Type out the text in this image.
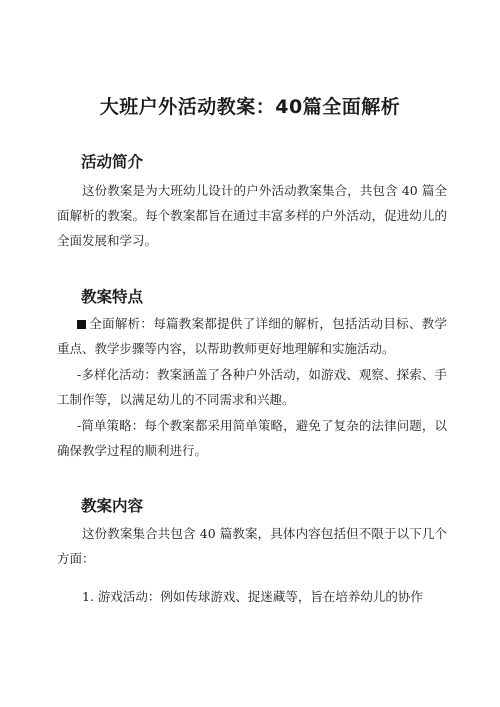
大班户外活动教案：40篇全面解析
活动简介

这份教案是为大班幼儿设计的户外活动教案集合，共包含 40 篇全面解析的教案。每个教案都旨在通过丰富多样的户外活动，促进幼儿的全面发展和学习。

教案特点

全面解析：每篇教案都提供了详细的解析，包括活动目标、教学重点、教学步骤等内容，以帮助教师更好地理解和实施活动。

-多样化活动：教案涵盖了各种户外活动，如游戏、观察、探索、手工制作等，以满足幼儿的不同需求和兴趣。

-简单策略：每个教案都采用简单策略，避免了复杂的法律问题，以确保教学过程的顺利进行。

教案内容

这份教案集合共包含 40 篇教案，具体内容包括但不限于以下几个方面：

1. 游戏活动：例如传球游戏、捉迷藏等，旨在培养幼儿的协作
